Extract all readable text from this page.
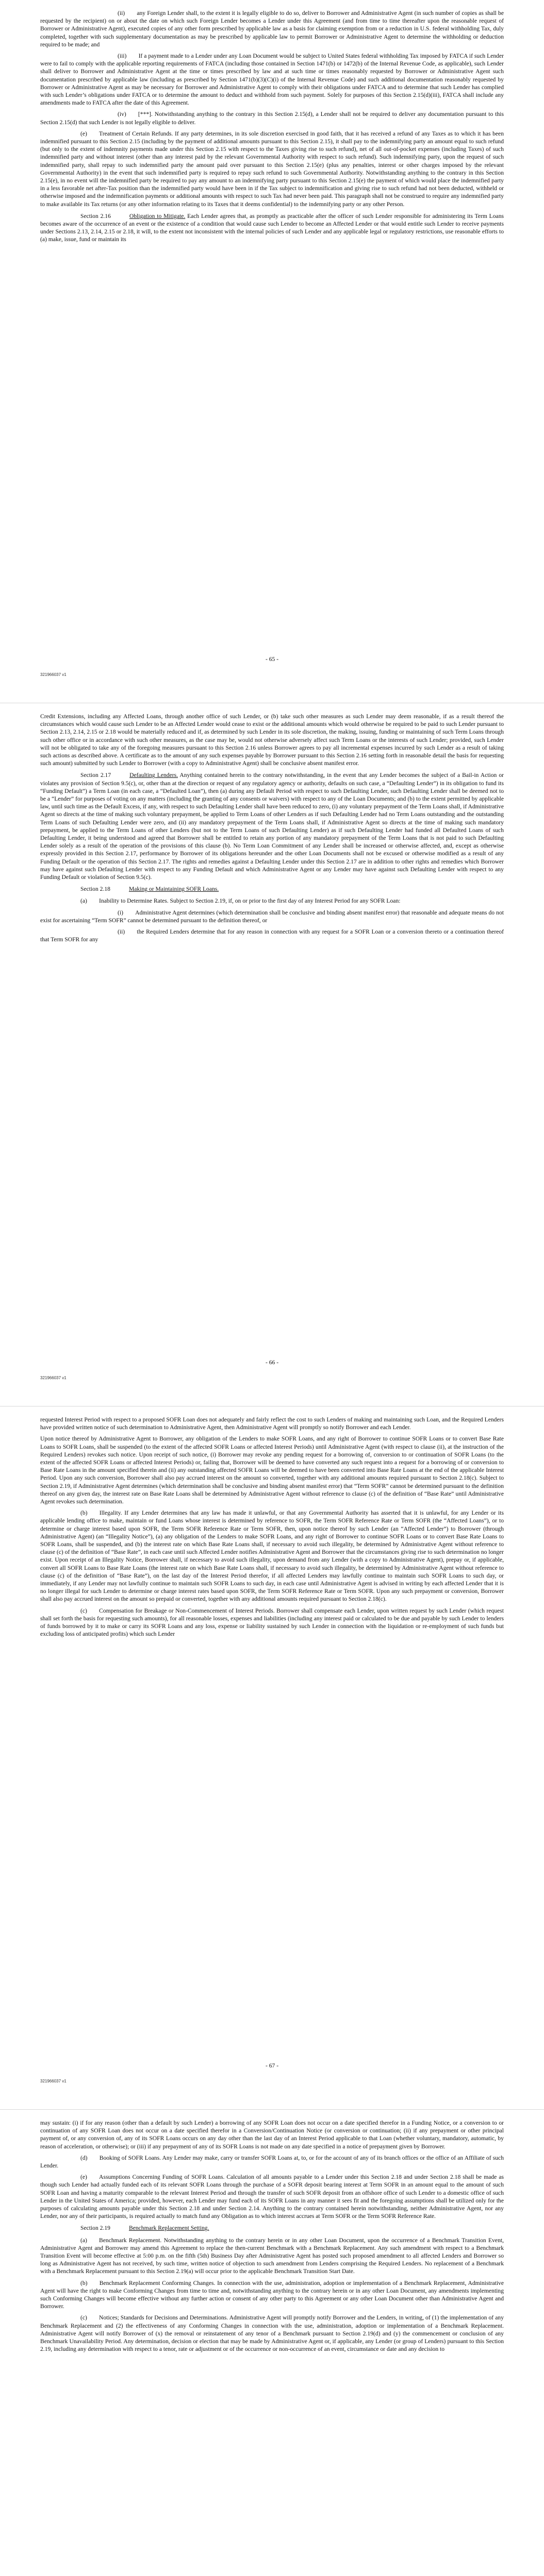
(ii)  any Foreign Lender shall, to the extent it is legally eligible to do so, deliver to Borrower and Administrative Agent (in such number of copies as shall be requested by the recipient) on or about the date on which such Foreign Lender becomes a Lender under this Agreement (and from time to time thereafter upon the reasonable request of Borrower or Administrative Agent), executed copies of any other form prescribed by applicable law as a basis for claiming exemption from or a reduction in U.S. federal withholding Tax, duly completed, together with such supplementary documentation as may be prescribed by applicable law to permit Borrower or Administrative Agent to determine the withholding or deduction required to be made; and

(iii)  If a payment made to a Lender under any Loan Document would be subject to United States federal withholding Tax imposed by FATCA if such Lender were to fail to comply with the applicable reporting requirements of FATCA (including those contained in Section 1471(b) or 1472(b) of the Internal Revenue Code, as applicable), such Lender shall deliver to Borrower and Administrative Agent at the time or times prescribed by law and at such time or times reasonably requested by Borrower or Administrative Agent such documentation prescribed by applicable law (including as prescribed by Section 1471(b)(3)(C)(i) of the Internal Revenue Code) and such additional documentation reasonably requested by Borrower or Administrative Agent as may be necessary for Borrower and Administrative Agent to comply with their obligations under FATCA and to determine that such Lender has complied with such Lender’s obligations under FATCA or to determine the amount to deduct and withhold from such payment. Solely for purposes of this Section 2.15(d)(iii), FATCA shall include any amendments made to FATCA after the date of this Agreement.

(iv)  [***]. Notwithstanding anything to the contrary in this Section 2.15(d), a Lender shall not be required to deliver any documentation pursuant to this Section 2.15(d) that such Lender is not legally eligible to deliver.

(e)  Treatment of Certain Refunds. If any party determines, in its sole discretion exercised in good faith, that it has received a refund of any Taxes as to which it has been indemnified pursuant to this Section 2.15 (including by the payment of additional amounts pursuant to this Section 2.15), it shall pay to the indemnifying party an amount equal to such refund (but only to the extent of indemnity payments made under this Section 2.15 with respect to the Taxes giving rise to such refund), net of all out-of-pocket expenses (including Taxes) of such indemnified party and without interest (other than any interest paid by the relevant Governmental Authority with respect to such refund). Such indemnifying party, upon the request of such indemnified party, shall repay to such indemnified party the amount paid over pursuant to this Section 2.15(e) (plus any penalties, interest or other charges imposed by the relevant Governmental Authority) in the event that such indemnified party is required to repay such refund to such Governmental Authority. Notwithstanding anything to the contrary in this Section 2.15(e), in no event will the indemnified party be required to pay any amount to an indemnifying party pursuant to this Section 2.15(e) the payment of which would place the indemnified party in a less favorable net after-Tax position than the indemnified party would have been in if the Tax subject to indemnification and giving rise to such refund had not been deducted, withheld or otherwise imposed and the indemnification payments or additional amounts with respect to such Tax had never been paid. This paragraph shall not be construed to require any indemnified party to make available its Tax returns (or any other information relating to its Taxes that it deems confidential) to the indemnifying party or any other Person.

Section 2.16	Obligation to Mitigate. Each Lender agrees that, as promptly as practicable after the officer of such Lender responsible for administering its Term Loans becomes aware of the occurrence of an event or the existence of a condition that would cause such Lender to become an Affected Lender or that would entitle such Lender to receive payments under Sections 2.13, 2.14, 2.15 or 2.18, it will, to the extent not inconsistent with the internal policies of such Lender and any applicable legal or regulatory restrictions, use reasonable efforts to (a) make, issue, fund or maintain its

- 65 -
321966037 v1

Credit Extensions, including any Affected Loans, through another office of such Lender, or (b) take such other measures as such Lender may deem reasonable, if as a result thereof the circumstances which would cause such Lender to be an Affected Lender would cease to exist or the additional amounts which would otherwise be required to be paid to such Lender pursuant to Section 2.13, 2.14, 2.15 or 2.18 would be materially reduced and if, as determined by such Lender in its sole discretion, the making, issuing, funding or maintaining of such Term Loans through such other office or in accordance with such other measures, as the case may be, would not otherwise adversely affect such Term Loans or the interests of such Lender; provided, such Lender will not be obligated to take any of the foregoing measures pursuant to this Section 2.16 unless Borrower agrees to pay all incremental expenses incurred by such Lender as a result of taking such actions as described above. A certificate as to the amount of any such expenses payable by Borrower pursuant to this Section 2.16 setting forth in reasonable detail the basis for requesting such amount) submitted by such Lender to Borrower (with a copy to Administrative Agent) shall be conclusive absent manifest error.

Section 2.17	Defaulting Lenders. Anything contained herein to the contrary notwithstanding, in the event that any Lender becomes the subject of a Bail-in Action or violates any provision of Section 9.5(c), or, other than at the direction or request of any regulatory agency or authority, defaults on such case, a “Defaulting Lender”) in its obligation to fund its “Funding Default”) a Term Loan (in each case, a “Defaulted Loan”), then (a) during any Default Period with respect to such Defaulting Lender, such Defaulting Lender shall be deemed not to be a “Lender” for purposes of voting on any matters (including the granting of any consents or waivers) with respect to any of the Loan Documents; and (b) to the extent permitted by applicable law, until such time as the Default Excess, if any, with respect to such Defaulting Lender shall have been reduced to zero, (i) any voluntary prepayment of the Term Loans shall, if Administrative Agent so directs at the time of making such voluntary prepayment, be applied to Term Loans of other Lenders as if such Defaulting Lender had no Term Loans outstanding and the outstanding Term Loans of such Defaulting Lender were zero, and (ii) any mandatory prepayment of the Term Loans shall, if Administrative Agent so directs at the time of making such mandatory prepayment, be applied to the Term Loans of other Lenders (but not to the Term Loans of such Defaulting Lender) as if such Defaulting Lender had funded all Defaulted Loans of such Defaulting Lender, it being understood and agreed that Borrower shall be entitled to retain any portion of any mandatory prepayment of the Term Loans that is not paid to such Defaulting Lender solely as a result of the operation of the provisions of this clause (b). No Term Loan Commitment of any Lender shall be increased or otherwise affected, and, except as otherwise expressly provided in this Section 2.17, performance by Borrower of its obligations hereunder and the other Loan Documents shall not be excused or otherwise modified as a result of any Funding Default or the operation of this Section 2.17. The rights and remedies against a Defaulting Lender under this Section 2.17 are in addition to other rights and remedies which Borrower may have against such Defaulting Lender with respect to any Funding Default and which Administrative Agent or any Lender may have against such Defaulting Lender with respect to any Funding Default or violation of Section 9.5(c).

Section 2.18	Making or Maintaining SOFR Loans.

(a)  Inability to Determine Rates. Subject to Section 2.19, if, on or prior to the first day of any Interest Period for any SOFR Loan:

(i)  Administrative Agent determines (which determination shall be conclusive and binding absent manifest error) that reasonable and adequate means do not exist for ascertaining “Term SOFR” cannot be determined pursuant to the definition thereof, or

(ii)  the Required Lenders determine that for any reason in connection with any request for a SOFR Loan or a conversion thereto or a continuation thereof that Term SOFR for any

- 66 -
321966037 v1

requested Interest Period with respect to a proposed SOFR Loan does not adequately and fairly reflect the cost to such Lenders of making and maintaining such Loan, and the Required Lenders have provided written notice of such determination to Administrative Agent, then Administrative Agent will promptly so notify Borrower and each Lender.

Upon notice thereof by Administrative Agent to Borrower, any obligation of the Lenders to make SOFR Loans, and any right of Borrower to continue SOFR Loans or to convert Base Rate Loans to SOFR Loans, shall be suspended (to the extent of the affected SOFR Loans or affected Interest Periods) until Administrative Agent (with respect to clause (ii), at the instruction of the Required Lenders) revokes such notice. Upon receipt of such notice, (i) Borrower may revoke any pending request for a borrowing of, conversion to or continuation of SOFR Loans (to the extent of the affected SOFR Loans or affected Interest Periods) or, failing that, Borrower will be deemed to have converted any such request into a request for a borrowing of or conversion to Base Rate Loans in the amount specified therein and (ii) any outstanding affected SOFR Loans will be deemed to have been converted into Base Rate Loans at the end of the applicable Interest Period. Upon any such conversion, Borrower shall also pay accrued interest on the amount so converted, together with any additional amounts required pursuant to Section 2.18(c). Subject to Section 2.19, if Administrative Agent determines (which determination shall be conclusive and binding absent manifest error) that “Term SOFR” cannot be determined pursuant to the definition thereof on any given day, the interest rate on Base Rate Loans shall be determined by Administrative Agent without reference to clause (c) of the definition of “Base Rate” until Administrative Agent revokes such determination.

(b)  Illegality. If any Lender determines that any law has made it unlawful, or that any Governmental Authority has asserted that it is unlawful, for any Lender or its applicable lending office to make, maintain or fund Loans whose interest is determined by reference to SOFR, the Term SOFR Reference Rate or Term SOFR (the “Affected Loans”), or to determine or charge interest based upon SOFR, the Term SOFR Reference Rate or Term SOFR, then, upon notice thereof by such Lender (an “Affected Lender”) to Borrower (through Administrative Agent) (an “Illegality Notice”), (a) any obligation of the Lenders to make SOFR Loans, and any right of Borrower to continue SOFR Loans or to convert Base Rate Loans to SOFR Loans, shall be suspended, and (b) the interest rate on which Base Rate Loans shall, if necessary to avoid such illegality, be determined by Administrative Agent without reference to clause (c) of the definition of “Base Rate”, in each case until such Affected Lender notifies Administrative Agent and Borrower that the circumstances giving rise to such determination no longer exist. Upon receipt of an Illegality Notice, Borrower shall, if necessary to avoid such illegality, upon demand from any Lender (with a copy to Administrative Agent), prepay or, if applicable, convert all SOFR Loans to Base Rate Loans (the interest rate on which Base Rate Loans shall, if necessary to avoid such illegality, be determined by Administrative Agent without reference to clause (c) of the definition of “Base Rate”), on the last day of the Interest Period therefor, if all affected Lenders may lawfully continue to maintain such SOFR Loans to such day, or immediately, if any Lender may not lawfully continue to maintain such SOFR Loans to such day, in each case until Administrative Agent is advised in writing by each affected Lender that it is no longer illegal for such Lender to determine or charge interest rates based upon SOFR, the Term SOFR Reference Rate or Term SOFR. Upon any such prepayment or conversion, Borrower shall also pay accrued interest on the amount so prepaid or converted, together with any additional amounts required pursuant to Section 2.18(c).

(c)  Compensation for Breakage or Non-Commencement of Interest Periods. Borrower shall compensate each Lender, upon written request by such Lender (which request shall set forth the basis for requesting such amounts), for all reasonable losses, expenses and liabilities (including any interest paid or calculated to be due and payable by such Lender to lenders of funds borrowed by it to make or carry its SOFR Loans and any loss, expense or liability sustained by such Lender in connection with the liquidation or re-employment of such funds but excluding loss of anticipated profits) which such Lender

- 67 -
321966037 v1

may sustain: (i) if for any reason (other than a default by such Lender) a borrowing of any SOFR Loan does not occur on a date specified therefor in a Funding Notice, or a conversion to or continuation of any SOFR Loan does not occur on a date specified therefor in a Conversion/Continuation Notice (or conversion or continuation; (ii) if any prepayment or other principal payment of, or any conversion of, any of its SOFR Loans occurs on any day other than the last day of an Interest Period applicable to that Loan (whether voluntary, mandatory, automatic, by reason of acceleration, or otherwise); or (iii) if any prepayment of any of its SOFR Loans is not made on any date specified in a notice of prepayment given by Borrower.

(d)  Booking of SOFR Loans. Any Lender may make, carry or transfer SOFR Loans at, to, or for the account of any of its branch offices or the office of an Affiliate of such Lender.

(e)  Assumptions Concerning Funding of SOFR Loans. Calculation of all amounts payable to a Lender under this Section 2.18 and under Section 2.18 shall be made as though such Lender had actually funded each of its relevant SOFR Loans through the purchase of a SOFR deposit bearing interest at Term SOFR in an amount equal to the amount of such SOFR Loan and having a maturity comparable to the relevant Interest Period and through the transfer of such SOFR deposit from an offshore office of such Lender to a domestic office of such Lender in the United States of America; provided, however, each Lender may fund each of its SOFR Loans in any manner it sees fit and the foregoing assumptions shall be utilized only for the purposes of calculating amounts payable under this Section 2.18 and under Section 2.14. Anything to the contrary contained herein notwithstanding, neither Administrative Agent, nor any Lender, nor any of their participants, is required actually to match fund any Obligation as to which interest accrues at Term SOFR or the Term SOFR Reference Rate.

Section 2.19	Benchmark Replacement Setting.

(a)  Benchmark Replacement. Notwithstanding anything to the contrary herein or in any other Loan Document, upon the occurrence of a Benchmark Transition Event, Administrative Agent and Borrower may amend this Agreement to replace the then-current Benchmark with a Benchmark Replacement. Any such amendment with respect to a Benchmark Transition Event will become effective at 5:00 p.m. on the fifth (5th) Business Day after Administrative Agent has posted such proposed amendment to all affected Lenders and Borrower so long as Administrative Agent has not received, by such time, written notice of objection to such amendment from Lenders comprising the Required Lenders. No replacement of a Benchmark with a Benchmark Replacement pursuant to this Section 2.19(a) will occur prior to the applicable Benchmark Transition Start Date.

(b)  Benchmark Replacement Conforming Changes. In connection with the use, administration, adoption or implementation of a Benchmark Replacement, Administrative Agent will have the right to make Conforming Changes from time to time and, notwithstanding anything to the contrary herein or in any other Loan Document, any amendments implementing such Conforming Changes will become effective without any further action or consent of any other party to this Agreement or any other Loan Document other than Administrative Agent and Borrower.

(c)  Notices; Standards for Decisions and Determinations. Administrative Agent will promptly notify Borrower and the Lenders, in writing, of (1) the implementation of any Benchmark Replacement and (2) the effectiveness of any Conforming Changes in connection with the use, administration, adoption or implementation of a Benchmark Replacement. Administrative Agent will notify Borrower of (x) the removal or reinstatement of any tenor of a Benchmark pursuant to Section 2.19(d) and (y) the commencement or conclusion of any Benchmark Unavailability Period. Any determination, decision or election that may be made by Administrative Agent or, if applicable, any Lender (or group of Lenders) pursuant to this Section 2.19, including any determination with respect to a tenor, rate or adjustment or of the occurrence or non-occurrence of an event, circumstance or date and any decision to
